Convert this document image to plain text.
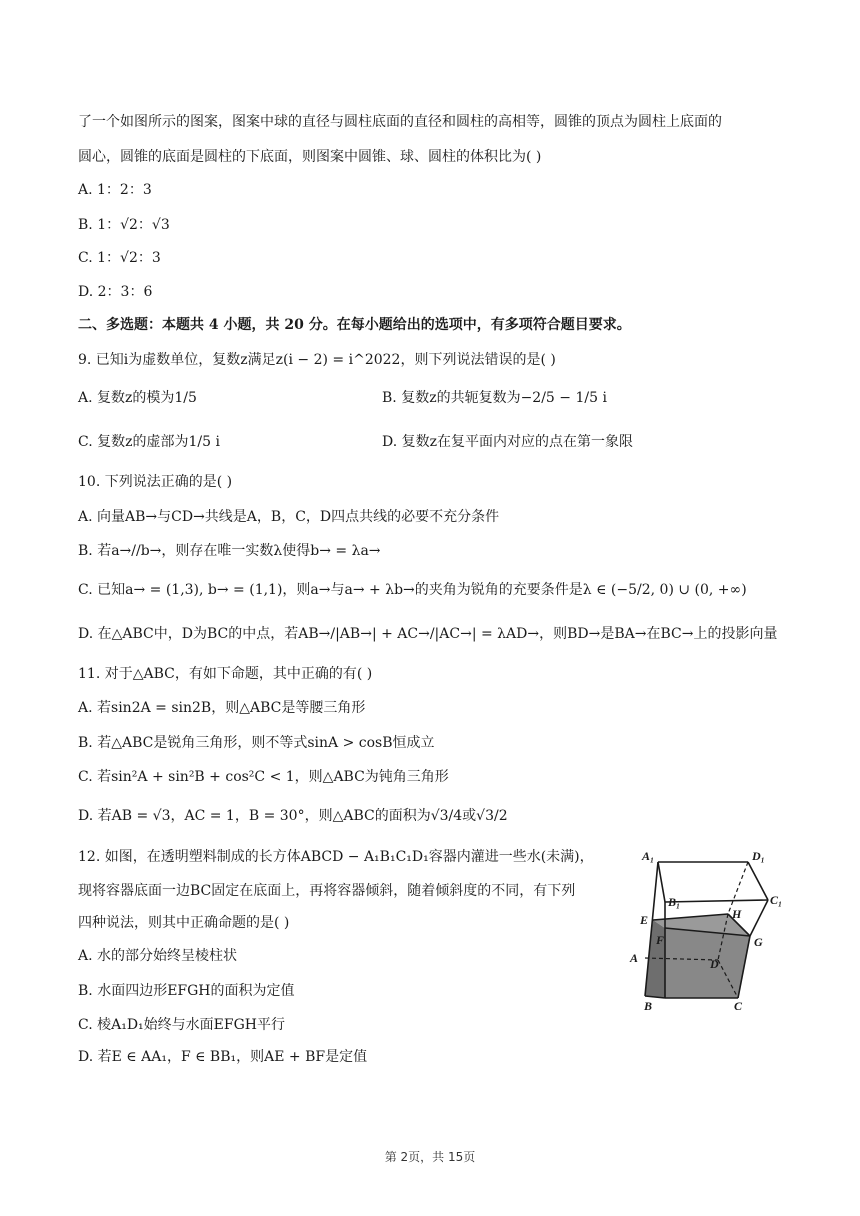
了一个如图所示的图案，图案中球的直径与圆柱底面的直径和圆柱的高相等，圆锥的顶点为圆柱上底面的
圆心，圆锥的底面是圆柱的下底面，则图案中圆锥、球、圆柱的体积比为( )
A. 1：2：3
B. 1：√2：√3
C. 1：√2：3
D. 2：3：6
二、多选题：本题共 4 小题，共 20 分。在每小题给出的选项中，有多项符合题目要求。
9. 已知i为虚数单位，复数z满足z(i − 2) = i^2022，则下列说法错误的是( )
A. 复数z的模为1/5	B. 复数z的共轭复数为−2/5 − 1/5 i
C. 复数z的虚部为1/5 i	D. 复数z在复平面内对应的点在第一象限
10. 下列说法正确的是( )
A. 向量AB→与CD→共线是A，B，C，D四点共线的必要不充分条件
B. 若a→//b→，则存在唯一实数λ使得b→ = λa→
C. 已知a→ = (1,3), b→ = (1,1)，则a→与a→ + λb→的夹角为锐角的充要条件是λ ∈ (−5/2, 0) ∪ (0, +∞)
D. 在△ABC中，D为BC的中点，若AB→/|AB→| + AC→/|AC→| = λAD→，则BD→是BA→在BC→上的投影向量
11. 对于△ABC，有如下命题，其中正确的有( )
A. 若sin2A = sin2B，则△ABC是等腰三角形
B. 若△ABC是锐角三角形，则不等式sinA > cosB恒成立
C. 若sin²A + sin²B + cos²C < 1，则△ABC为钝角三角形
D. 若AB = √3，AC = 1，B = 30°，则△ABC的面积为√3/4或√3/2
12. 如图，在透明塑料制成的长方体ABCD − A₁B₁C₁D₁容器内灌进一些水(未满)，
现将容器底面一边BC固定在底面上，再将容器倾斜，随着倾斜度的不同，有下列
四种说法，则其中正确命题的是( )
A. 水的部分始终呈棱柱状
B. 水面四边形EFGH的面积为定值
C. 棱A₁D₁始终与水面EFGH平行
D. 若E ∈ AA₁，F ∈ BB₁，则AE + BF是定值
A₁	D₁
B₁	C₁
E	H
F	G
A	D
B	C
第 2页，共 15页
